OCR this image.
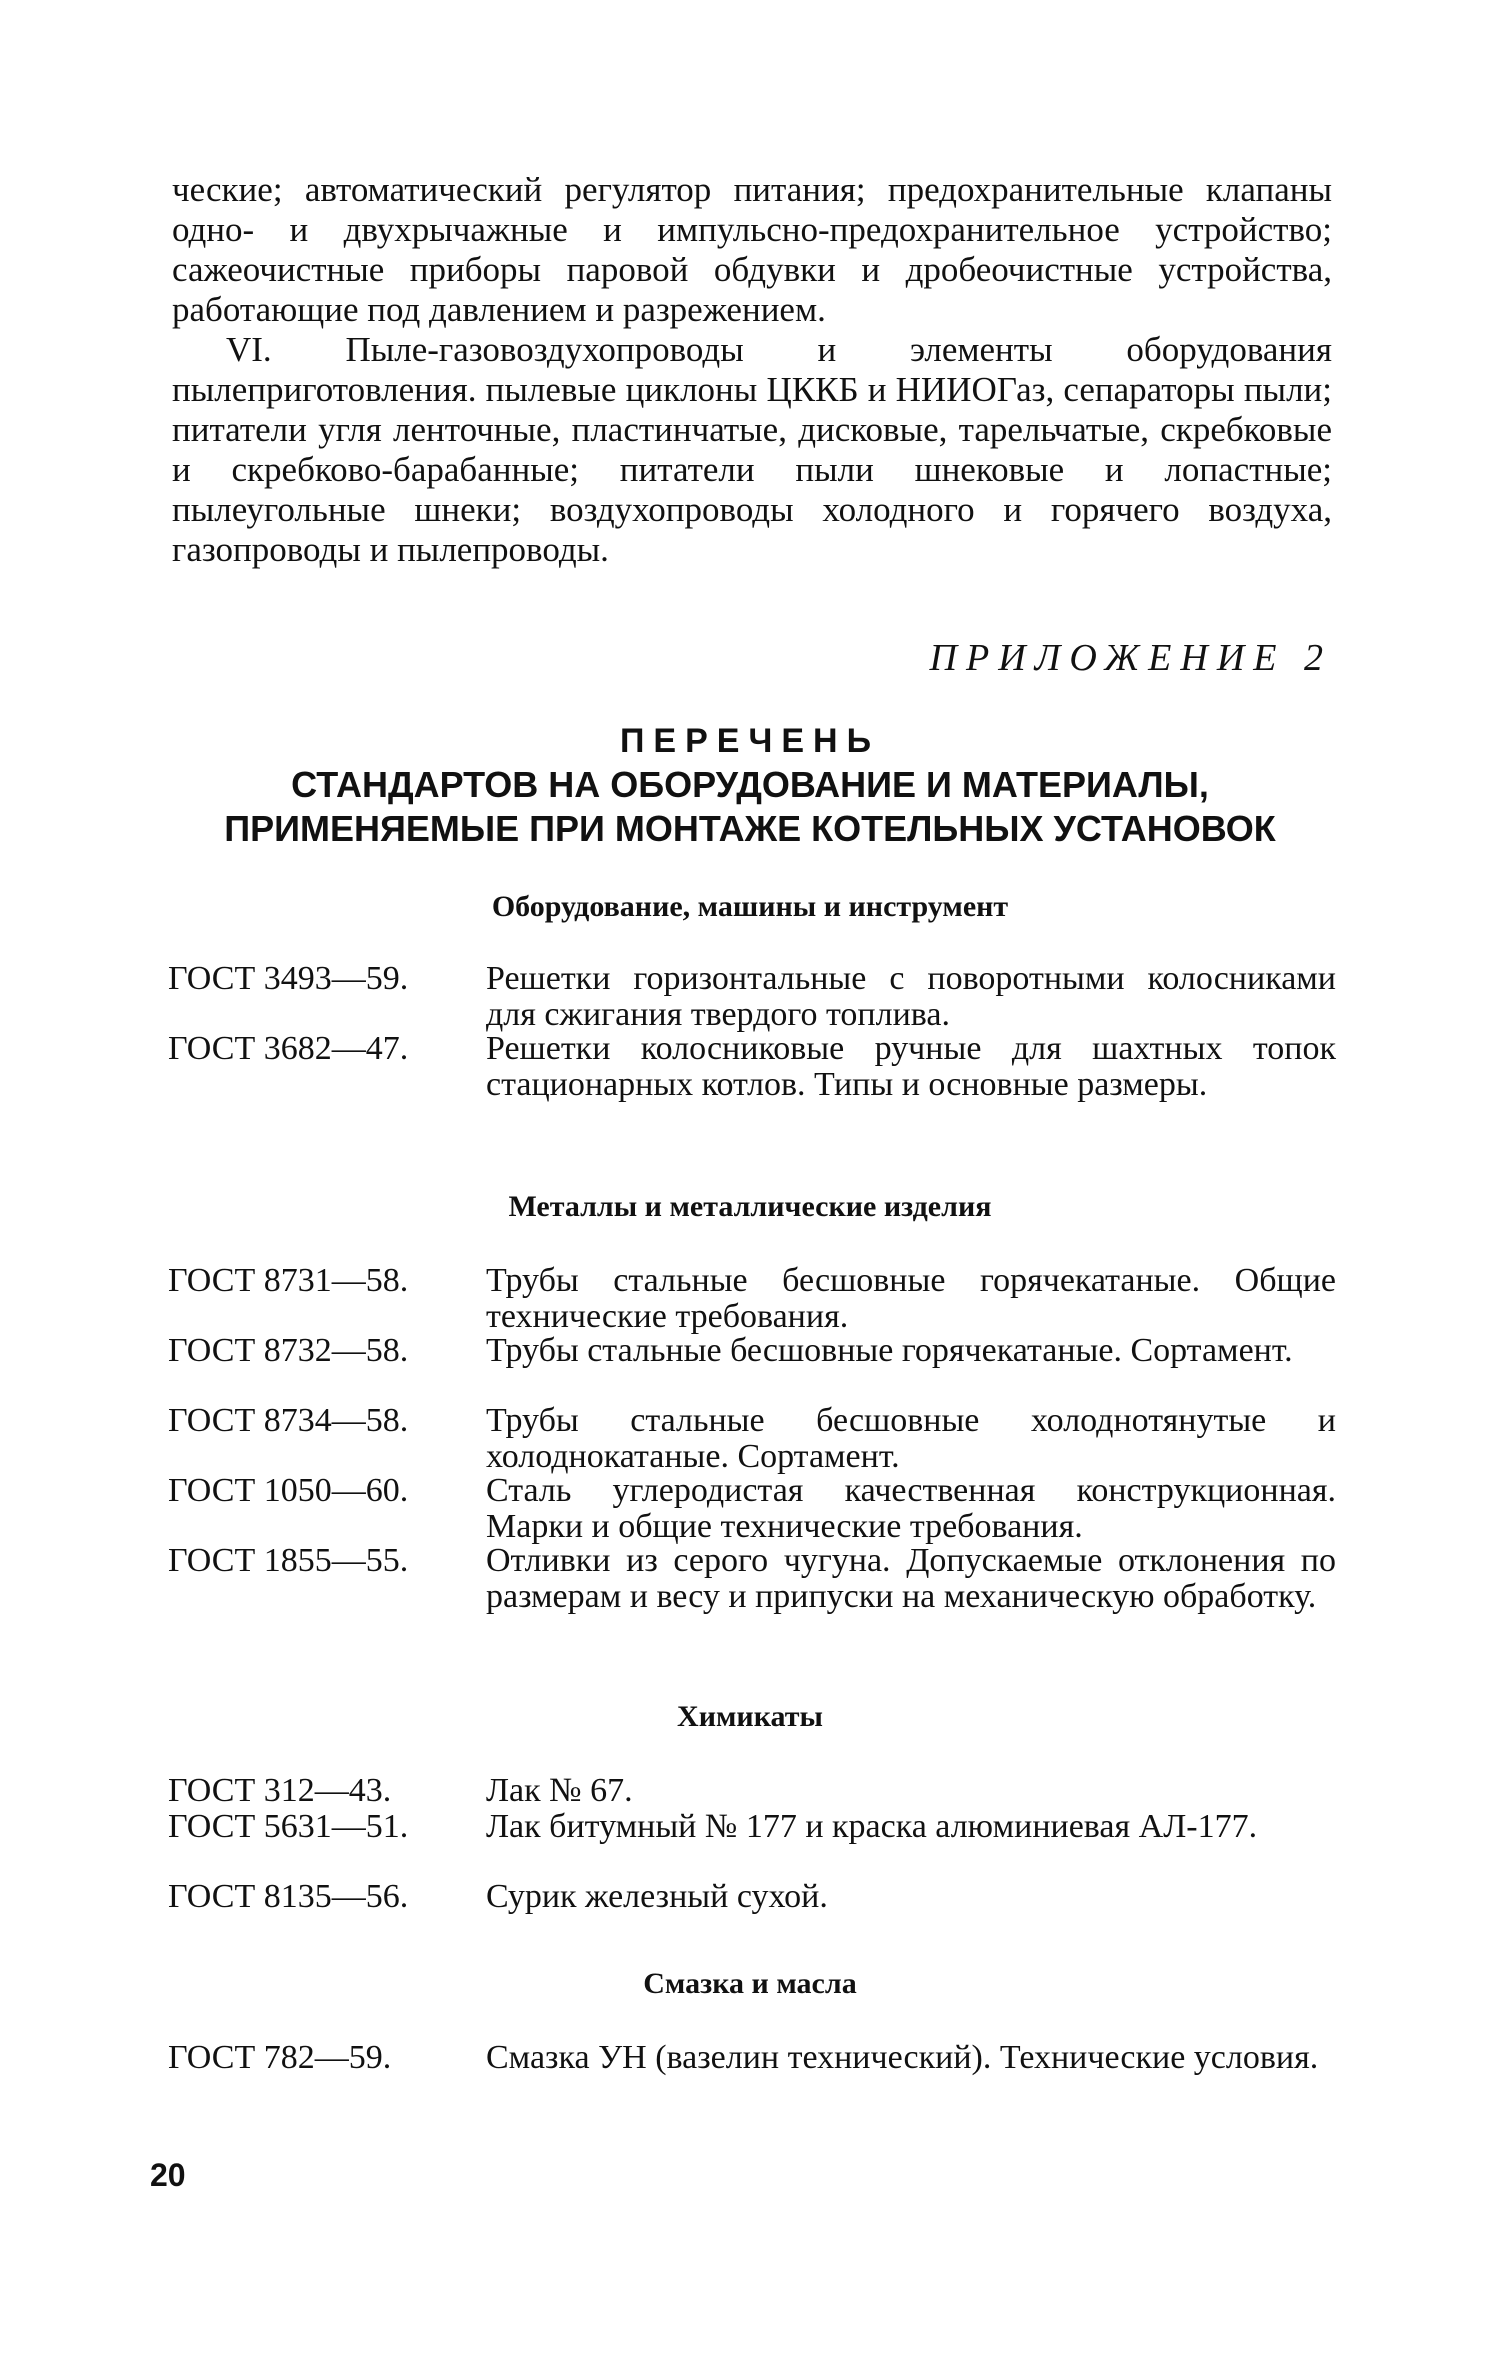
ческие; автоматический регулятор питания; предохранительные клапаны одно- и двухрычажные и импульсно-предохранительное устройство; сажеочистные приборы паровой обдувки и дробеочистные устройства, работающие под давлением и разрежением.

VI. Пыле-газовоздухопроводы и элементы оборудования пылеприготовления. пылевые циклоны ЦККБ и НИИОГаз, сепараторы пыли; питатели угля ленточные, пластинчатые, дисковые, тарельчатые, скребковые и скребково-барабанные; питатели пыли шнековые и лопастные; пылеугольные шнеки; воздухопроводы холодного и горячего воздуха, газопроводы и пылепроводы.

ПРИЛОЖЕНИЕ 2
ПЕРЕЧЕНЬ
СТАНДАРТОВ НА ОБОРУДОВАНИЕ И МАТЕРИАЛЫ,
ПРИМЕНЯЕМЫЕ ПРИ МОНТАЖЕ КОТЕЛЬНЫХ УСТАНОВОК
Оборудование, машины и инструмент
ГОСТ 3493—59.	Решетки горизонтальные с поворотными колосниками для сжигания твердого топлива.
ГОСТ 3682—47.	Решетки колосниковые ручные для шахтных топок стационарных котлов. Типы и основные размеры.
Металлы и металлические изделия
ГОСТ 8731—58.	Трубы стальные бесшовные горячекатаные. Общие технические требования.
ГОСТ 8732—58.	Трубы стальные бесшовные горячекатаные. Сортамент.
ГОСТ 8734—58.	Трубы стальные бесшовные холоднотянутые и холоднокатаные. Сортамент.
ГОСТ 1050—60.	Сталь углеродистая качественная конструкционная. Марки и общие технические требования.
ГОСТ 1855—55.	Отливки из серого чугуна. Допускаемые отклонения по размерам и весу и припуски на механическую обработку.
Химикаты
ГОСТ 312—43.	Лак № 67.
ГОСТ 5631—51.	Лак битумный № 177 и краска алюминиевая АЛ-177.
ГОСТ 8135—56.	Сурик железный сухой.
Смазка и масла
ГОСТ 782—59.	Смазка УН (вазелин технический). Технические условия.
20
